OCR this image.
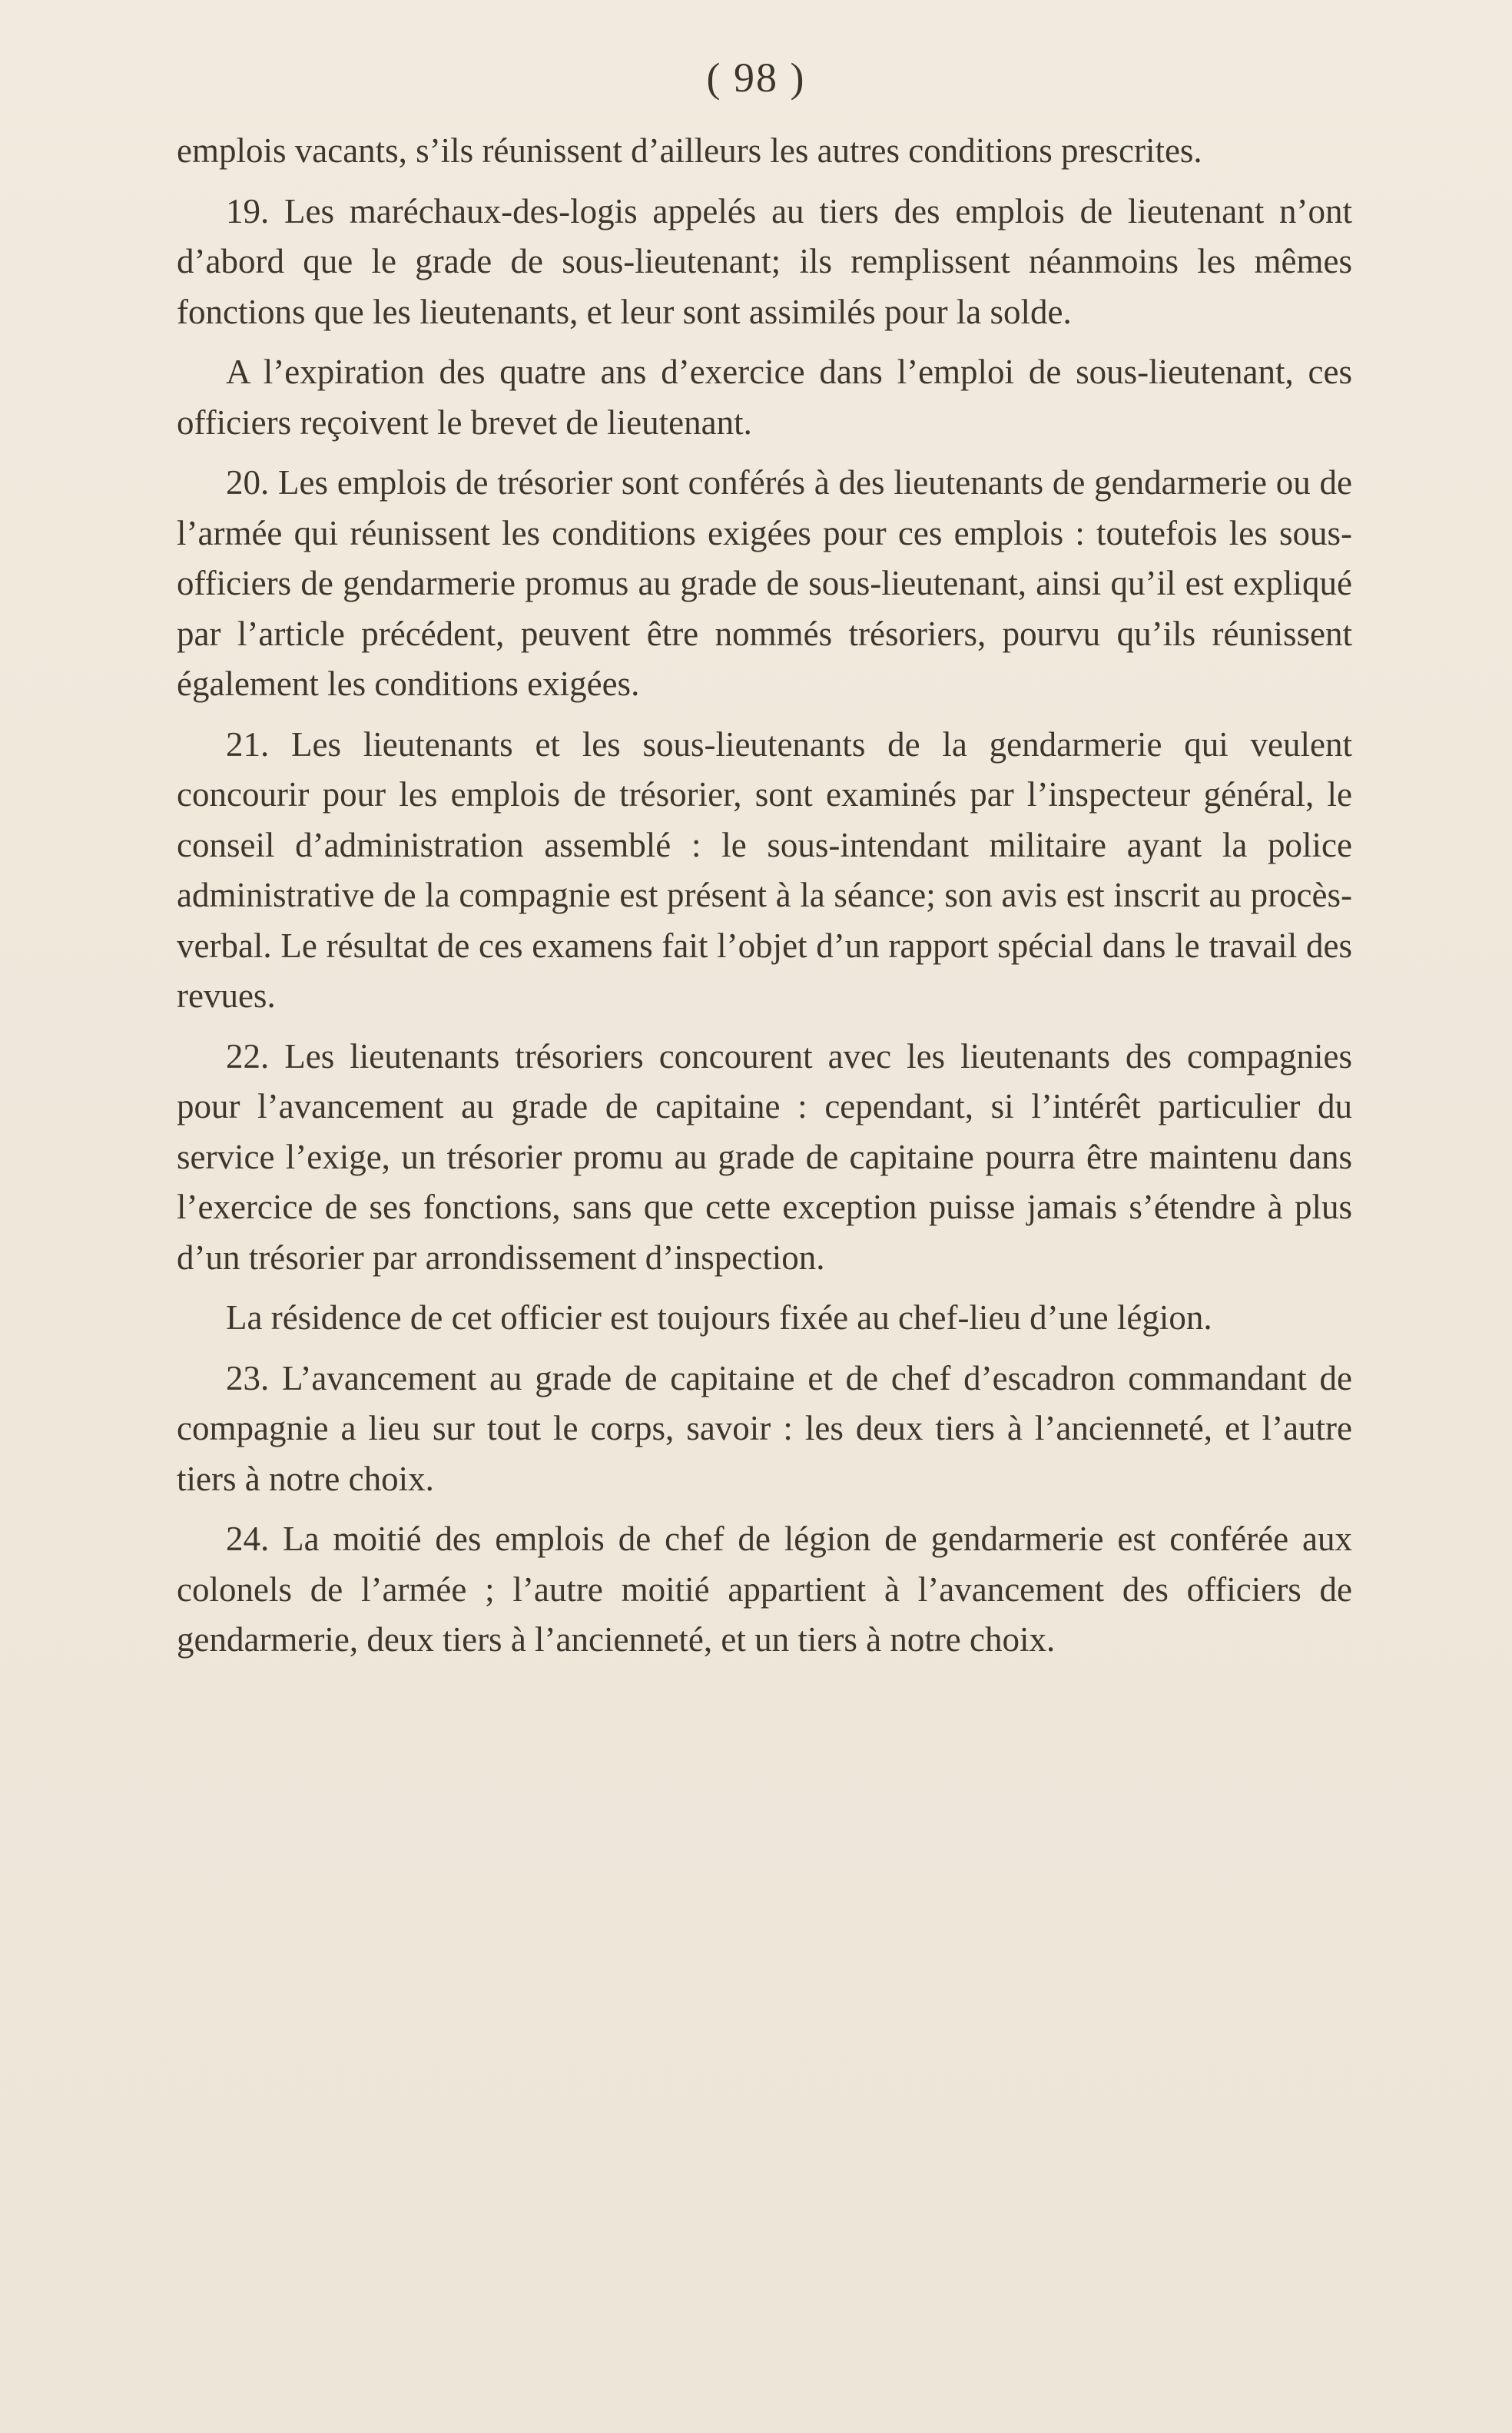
( 98 )

emplois vacants, s’ils réunissent d’ailleurs les autres conditions prescrites.

19. Les maréchaux-des-logis appelés au tiers des emplois de lieutenant n’ont d’abord que le grade de sous-lieutenant; ils remplissent néanmoins les mêmes fonctions que les lieutenants, et leur sont assimilés pour la solde.

A l’expiration des quatre ans d’exercice dans l’emploi de sous-lieutenant, ces officiers reçoivent le brevet de lieutenant.

20. Les emplois de trésorier sont conférés à des lieutenants de gendarmerie ou de l’armée qui réunissent les conditions exigées pour ces emplois : toutefois les sous-officiers de gendarmerie promus au grade de sous-lieutenant, ainsi qu’il est expliqué par l’article précédent, peuvent être nommés trésoriers, pourvu qu’ils réunissent également les conditions exigées.

21. Les lieutenants et les sous-lieutenants de la gendarmerie qui veulent concourir pour les emplois de trésorier, sont examinés par l’inspecteur général, le conseil d’administration assemblé : le sous-intendant militaire ayant la police administrative de la compagnie est présent à la séance; son avis est inscrit au procès-verbal. Le résultat de ces examens fait l’objet d’un rapport spécial dans le travail des revues.

22. Les lieutenants trésoriers concourent avec les lieutenants des compagnies pour l’avancement au grade de capitaine : cependant, si l’intérêt particulier du service l’exige, un trésorier promu au grade de capitaine pourra être maintenu dans l’exercice de ses fonctions, sans que cette exception puisse jamais s’étendre à plus d’un trésorier par arrondissement d’inspection.

La résidence de cet officier est toujours fixée au chef-lieu d’une légion.

23. L’avancement au grade de capitaine et de chef d’escadron commandant de compagnie a lieu sur tout le corps, savoir : les deux tiers à l’ancienneté, et l’autre tiers à notre choix.

24. La moitié des emplois de chef de légion de gendarmerie est conférée aux colonels de l’armée ; l’autre moitié appartient à l’avancement des officiers de gendarmerie, deux tiers à l’ancienneté, et un tiers à notre choix.
